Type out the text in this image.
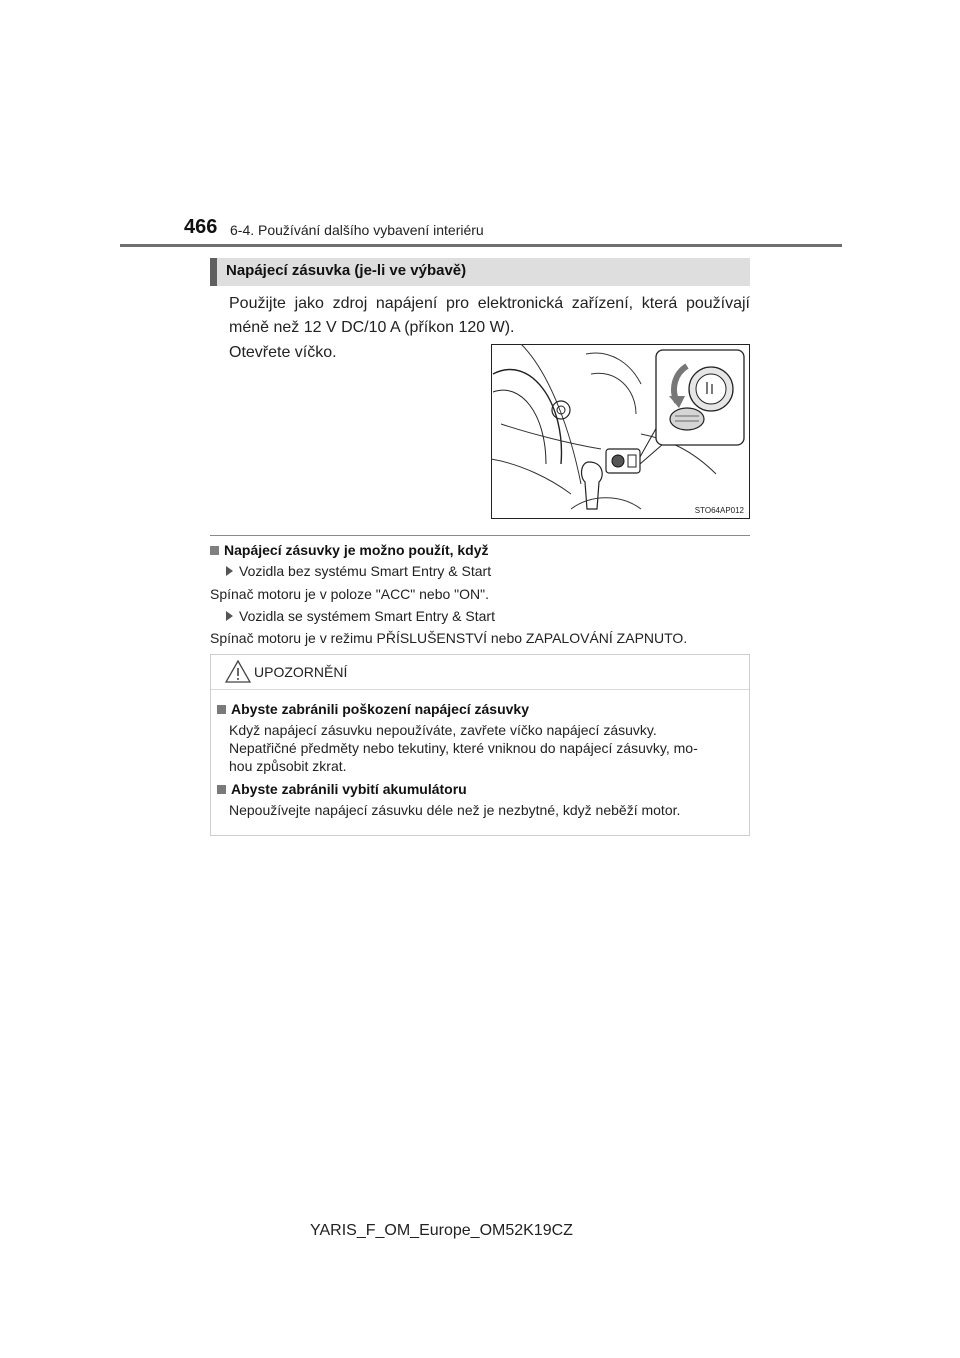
466 6-4. Používání dalšího vybavení interiéru
Napájecí zásuvka (je-li ve výbavě)
Použijte jako zdroj napájení pro elektronická zařízení, která používají méně než 12 V DC/10 A (příkon 120 W).
Otevřete víčko.
STO64AP012
Napájecí zásuvky je možno použít, když
Vozidla bez systému Smart Entry & Start
Spínač motoru je v poloze "ACC" nebo "ON".
Vozidla se systémem Smart Entry & Start
Spínač motoru je v režimu PŘÍSLUŠENSTVÍ nebo ZAPALOVÁNÍ ZAPNUTO.
UPOZORNĚNÍ
Abyste zabránili poškození napájecí zásuvky
Když napájecí zásuvku nepoužíváte, zavřete víčko napájecí zásuvky.
Nepatřičné předměty nebo tekutiny, které vniknou do napájecí zásuvky, mo-
hou způsobit zkrat.
Abyste zabránili vybití akumulátoru
Nepoužívejte napájecí zásuvku déle než je nezbytné, když neběží motor.
YARIS_F_OM_Europe_OM52K19CZ
